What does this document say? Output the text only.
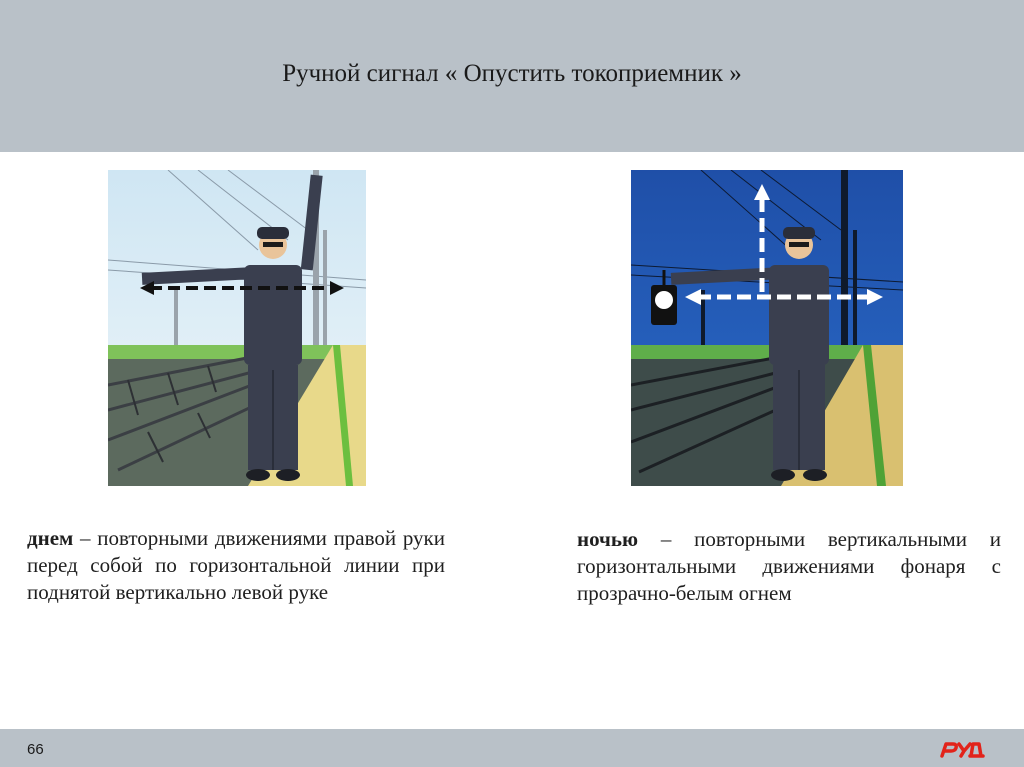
Ручной сигнал « Опустить токоприемник »

днем – повторными движениями правой руки перед собой по горизонтальной линии при поднятой вертикально левой руке

ночью – повторными вертикальными и горизонтальными движениями фонаря с прозрачно-белым огнем

66
